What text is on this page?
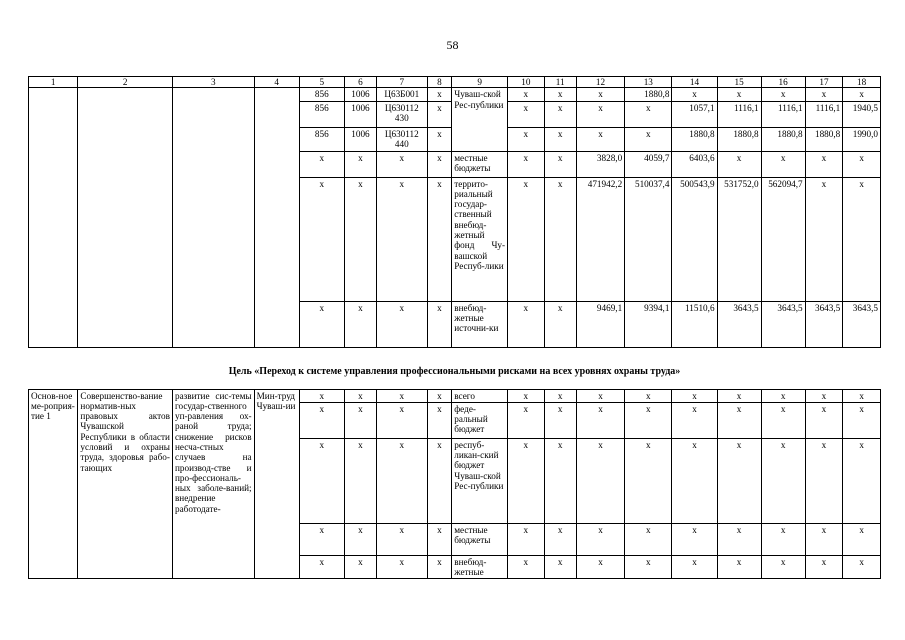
58
1	2	3	4	5	6	7	8	9	10	11	12	13	14	15	16	17	18
				856	1006	Ц63Б001	х	Чуваш-ской Рес-публики	х	х	х	1880,8	х	х	х	х	х
				856	1006	Ц630112 430	х		х	х	х	х	1057,1	1116,1	1116,1	1116,1	1940,5
				856	1006	Ц630112 440	х		х	х	х	х	1880,8	1880,8	1880,8	1880,8	1990,0
				х	х	х	х	местные бюджеты	х	х	3828,0	4059,7	6403,6	х	х	х	х
				х	х	х	х	террито-риальный государ-ственный внебюд-жетный фонд Чу-вашской Респуб-лики	х	х	471942,2	510037,4	500543,9	531752,0	562094,7	х	х
				х	х	х	х	внебюд-жетные источни-ки	х	х	9469,1	9394,1	11510,6	3643,5	3643,5	3643,5	3643,5
Цель «Переход к системе управления профессиональными рисками на всех уровнях охраны труда»

Основ-ное ме-роприя-тие 1	Совершенство-вание норматив-ных правовых актов Чувашской Республики в области условий и охраны труда, здоровья рабо-тающих	развитие сис-темы государ-ственного уп-равления ох-раной труда; снижение рисков несча-стных случаев на производ-стве и про-фессиональ-ных заболе-ваний; внедрение работодате-	Мин-труд Чуваш-ии	х	х	х	х	всего	х	х	х	х	х	х	х	х	х
				х	х	х	х	феде-ральный бюджет	х	х	х	х	х	х	х	х	х
				х	х	х	х	респуб-ликан-ский бюджет Чуваш-ской Рес-публики	х	х	х	х	х	х	х	х	х
				х	х	х	х	местные бюджеты	х	х	х	х	х	х	х	х	х
				х	х	х	х	внебюд-жетные	х	х	х	х	х	х	х	х	х
